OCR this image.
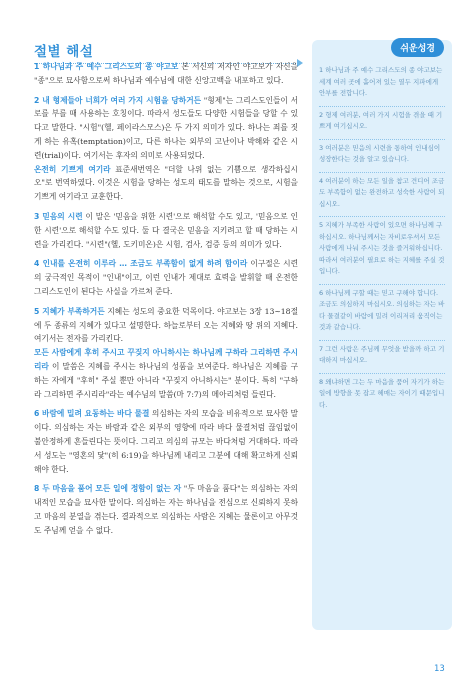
절별 해설

1 하나님과 주 예수 그리스도의 종 야고보 본 서신의 저자인 야고보가 자신을 "종"으로 묘사함으로써 하나님과 예수님에 대한 신앙고백을 내포하고 있다.

2 내 형제들아 너희가 여러 가지 시험을 당하거든 "형제"는 그리스도인들이 서로를 부를 때 사용하는 호칭이다. 따라서 성도들도 다양한 시험들을 당할 수 있다고 말한다. "시험"(헬, 페이라스모스)은 두 가지 의미가 있다. 하나는 죄를 짓게 하는 유혹(temptation)이고, 다른 하나는 외부의 고난이나 박해와 같은 시련(trial)이다. 여기서는 후자의 의미로 사용되었다.
온전히 기쁘게 여기라 표준새번역은 "더할 나위 없는 기쁨으로 생각하십시오"로 번역하였다. 이것은 시험을 당하는 성도의 태도를 말하는 것으로, 시험을 기쁘게 여기라고 교훈한다.

3 믿음의 시련 이 말은 '믿음을 위한 시련'으로 해석할 수도 있고, '믿음으로 인한 시련'으로 해석할 수도 있다. 둘 다 결국은 믿음을 지키려고 할 때 당하는 시련을 가리킨다. "시련"(헬, 도키미온)은 시험, 검사, 검증 등의 의미가 있다.

4 인내를 온전히 이루라 … 조금도 부족함이 없게 하려 함이라 이구절은 시련의 궁극적인 목적이 "인내"이고, 이런 인내가 제대로 효력을 발휘할 때 온전한 그리스도인이 된다는 사실을 가르쳐 준다.

5 지혜가 부족하거든 지혜는 성도의 중요한 덕목이다. 야고보는 3장 13~18절에 두 종류의 지혜가 있다고 설명한다. 하늘로부터 오는 지혜와 땅 위의 지혜다. 여기서는 전자를 가리킨다.
모든 사람에게 후히 주시고 꾸짖지 아니하시는 하나님께 구하라 그리하면 주시리라 이 말씀은 지혜를 주시는 하나님의 성품을 보여준다. 하나님은 지혜를 구하는 자에게 "후히" 주실 뿐만 아니라 "꾸짖지 아니하시는" 분이다. 특히 "구하라 그리하면 주시리라"라는 예수님의 말씀(마 7:7)의 메아리처럼 들린다.

6 바람에 밀려 요동하는 바다 물결 의심하는 자의 모습을 비유적으로 묘사한 말이다. 의심하는 자는 바람과 같은 외부의 영향에 따라 바다 물결처럼 끊임없이 불안정하게 흔들린다는 뜻이다. 그리고 의심의 규모는 바다처럼 거대하다. 따라서 성도는 "영혼의 닻"(히 6:19)을 하나님께 내리고 그분에 대해 확고하게 신뢰해야 한다.

8 두 마음을 품어 모든 일에 정함이 없는 자 "두 마음을 품다"는 의심하는 자의 내적인 모습을 묘사한 말이다. 의심하는 자는 하나님을 전심으로 신뢰하지 못하고 마음의 분열을 겪는다. 결과적으로 의심하는 사람은 지혜는 물론이고 아무것도 주님께 얻을 수 없다.

쉬운성경
1 하나님과 주 예수 그리스도의 종 야고보는 세계 여러 곳에 흩어져 있는 열두 지파에게 안부를 전합니다.
2 형제 여러분, 여러 가지 시험을 겪을 때 기쁘게 여기십시오.
3 여러분은 믿음의 시련을 통하여 인내심이 성장한다는 것을 알고 있습니다.
4 여러분이 하는 모든 일을 참고 견디어 조금도 부족함이 없는 완전하고 성숙한 사람이 되십시오.
5 지혜가 부족한 사람이 있으면 하나님께 구하십시오. 하나님께서는 자비로우셔서 모든 사람에게 나눠 주시는 것을 즐거워하십니다. 따라서 여러분이 필요로 하는 지혜를 주실 것입니다.
6 하나님께 구할 때는 믿고 구해야 합니다. 조금도 의심하지 마십시오. 의심하는 자는 바다 물결같이 바람에 밀려 이리저리 움직이는 것과 같습니다.
7 그런 사람은 주님께 무엇을 받을까 하고 기대하지 마십시오.
8 왜냐하면 그는 두 마음을 품어 자기가 하는 일에 방향을 못 잡고 헤매는 자이기 때문입니다.
13
